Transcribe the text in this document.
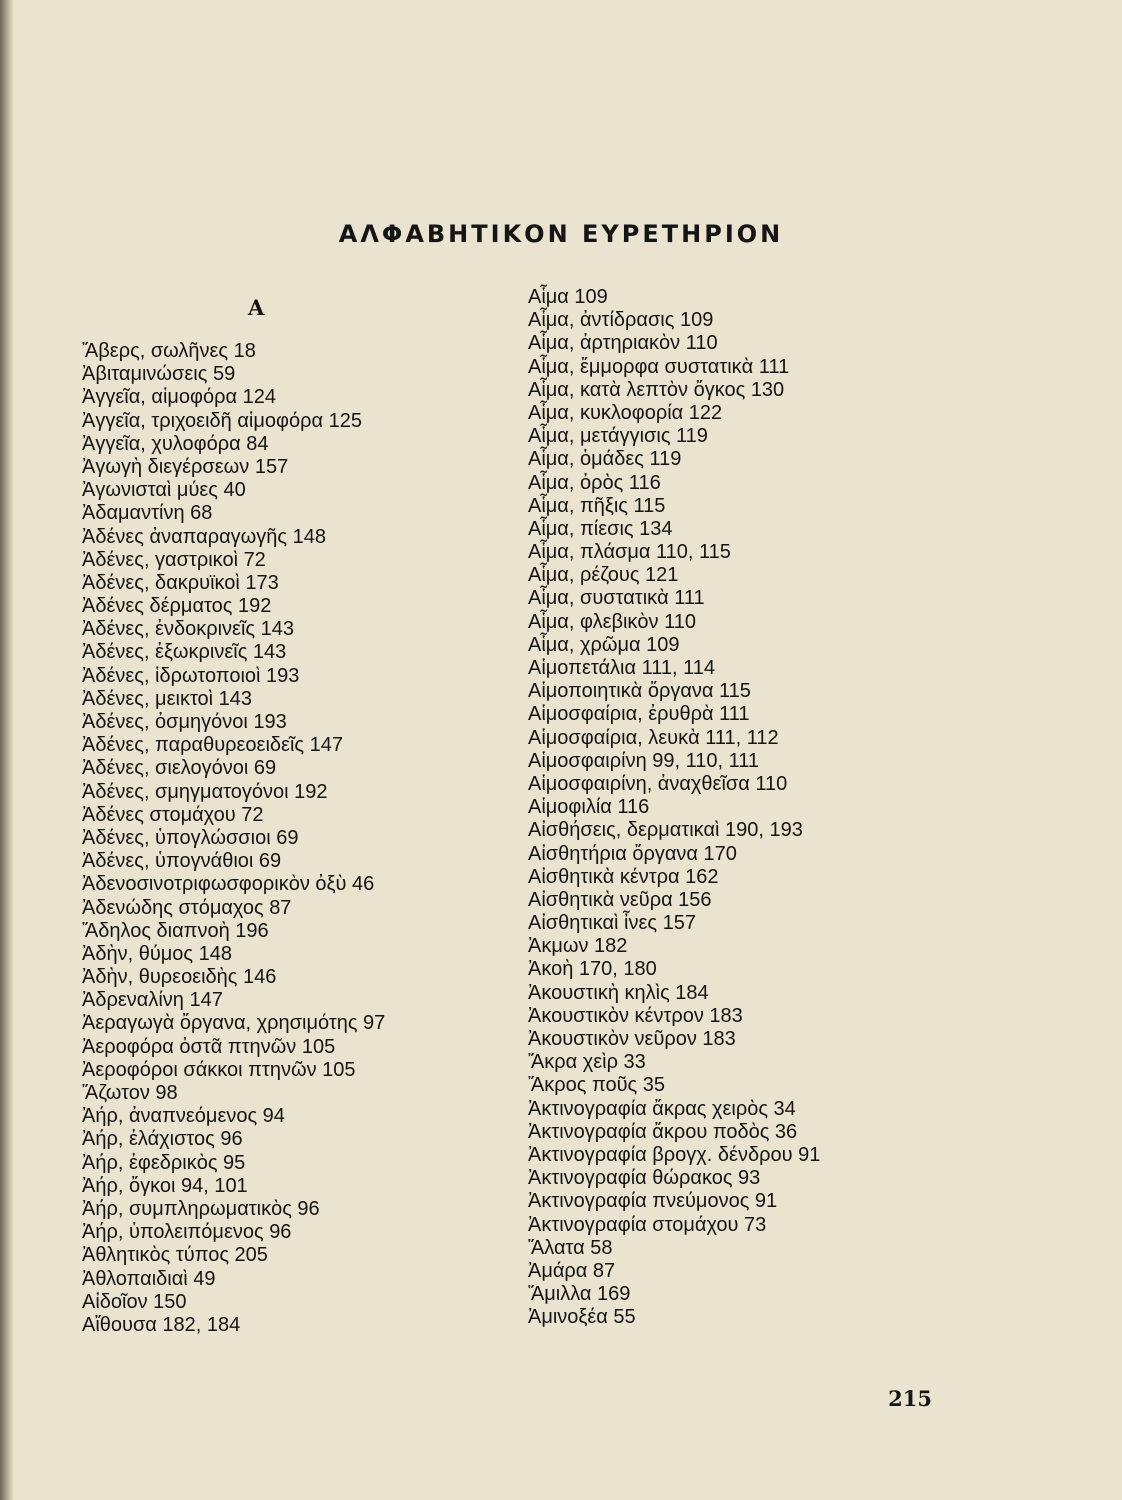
ΑΛΦΑΒΗΤΙΚΟΝ ΕΥΡΕΤΗΡΙΟΝ
Α
Ἄβερς, σωλῆνες 18
Ἀβιταμινώσεις 59
Ἀγγεῖα, αἱμοφόρα 124
Ἀγγεῖα, τριχοειδῆ αἱμοφόρα 125
Ἀγγεῖα, χυλοφόρα 84
Ἀγωγὴ διεγέρσεων 157
Ἀγωνισταὶ μύες 40
Ἀδαμαντίνη 68
Ἀδένες ἀναπαραγωγῆς 148
Ἀδένες, γαστρικοὶ 72
Ἀδένες, δακρυϊκοὶ 173
Ἀδένες δέρματος 192
Ἀδένες, ἐνδοκρινεῖς 143
Ἀδένες, ἐξωκρινεῖς 143
Ἀδένες, ἱδρωτοποιοὶ 193
Ἀδένες, μεικτοὶ 143
Ἀδένες, ὀσμηγόνοι 193
Ἀδένες, παραθυρεοειδεῖς 147
Ἀδένες, σιελογόνοι 69
Ἀδένες, σμηγματογόνοι 192
Ἀδένες στομάχου 72
Ἀδένες, ὑπογλώσσιοι 69
Ἀδένες, ὑπογνάθιοι 69
Ἀδενοσινοτριφωσφορικὸν ὀξὺ 46
Ἀδενώδης στόμαχος 87
Ἄδηλος διαπνοὴ 196
Ἀδὴν, θύμος 148
Ἀδὴν, θυρεοειδὴς 146
Ἀδρεναλίνη 147
Ἀεραγωγὰ ὄργανα, χρησιμότης 97
Ἀεροφόρα ὀστᾶ πτηνῶν 105
Ἀεροφόροι σάκκοι πτηνῶν 105
Ἄζωτον 98
Ἀήρ, ἀναπνεόμενος 94
Ἀήρ, ἐλάχιστος 96
Ἀήρ, ἐφεδρικὸς 95
Ἀήρ, ὄγκοι 94, 101
Ἀήρ, συμπληρωματικὸς 96
Ἀήρ, ὑπολειπόμενος 96
Ἀθλητικὸς τύπος 205
Ἀθλοπαιδιαὶ 49
Αἰδοῖον 150
Αἴθουσα 182, 184
Αἷμα 109
Αἷμα, ἀντίδρασις 109
Αἷμα, ἀρτηριακὸν 110
Αἷμα, ἔμμορφα συστατικὰ 111
Αἷμα, κατὰ λεπτὸν ὄγκος 130
Αἷμα, κυκλοφορία 122
Αἷμα, μετάγγισις 119
Αἷμα, ὁμάδες 119
Αἷμα, ὀρὸς 116
Αἷμα, πῆξις 115
Αἷμα, πίεσις 134
Αἷμα, πλάσμα 110, 115
Αἷμα, ρέζους 121
Αἷμα, συστατικὰ 111
Αἷμα, φλεβικὸν 110
Αἷμα, χρῶμα 109
Αἱμοπετάλια 111, 114
Αἱμοποιητικὰ ὄργανα 115
Αἱμοσφαίρια, ἐρυθρὰ 111
Αἱμοσφαίρια, λευκὰ 111, 112
Αἱμοσφαιρίνη 99, 110, 111
Αἱμοσφαιρίνη, ἀναχθεῖσα 110
Αἱμοφιλία 116
Αἰσθήσεις, δερματικαὶ 190, 193
Αἰσθητήρια ὄργανα 170
Αἰσθητικὰ κέντρα 162
Αἰσθητικὰ νεῦρα 156
Αἰσθητικαὶ ἶνες 157
Ἀκμων 182
Ἀκοὴ 170, 180
Ἀκουστικὴ κηλὶς 184
Ἀκουστικὸν κέντρον 183
Ἀκουστικὸν νεῦρον 183
Ἄκρα χεὶρ 33
Ἄκρος ποῦς 35
Ἀκτινογραφία ἄκρας χειρὸς 34
Ἀκτινογραφία ἄκρου ποδὸς 36
Ἀκτινογραφία βρογχ. δένδρου 91
Ἀκτινογραφία θώρακος 93
Ἀκτινογραφία πνεύμονος 91
Ἀκτινογραφία στομάχου 73
Ἅλατα 58
Ἀμάρα 87
Ἅμιλλα 169
Ἀμινοξέα 55
215
